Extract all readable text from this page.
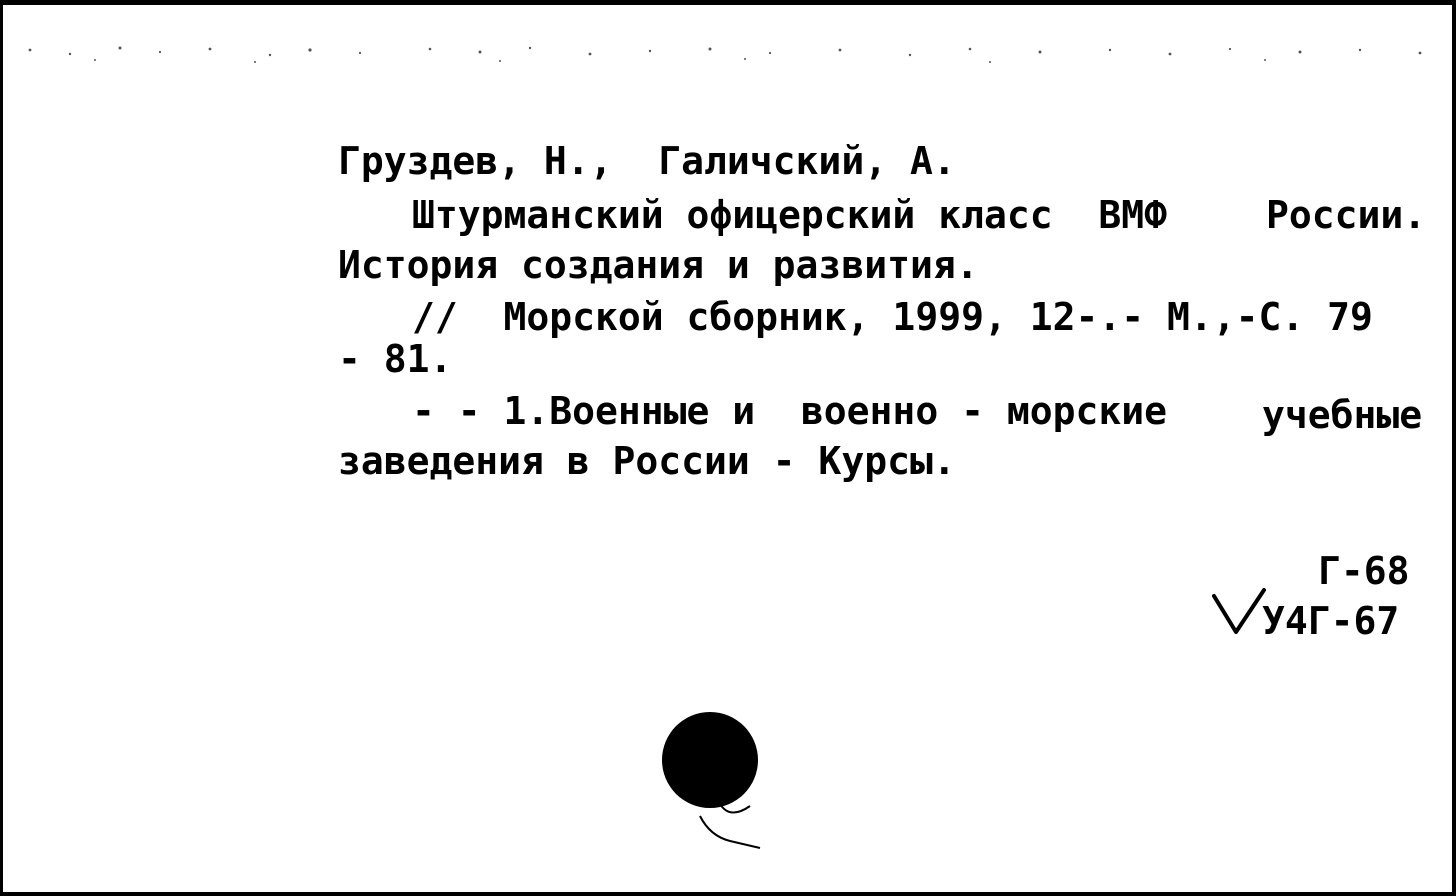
Груздев, Н.,  Галичский, А.
Штурманский офицерский класс  ВМФ	России.
История создания и развития.
//  Морской сборник, 1999, 12-.- М.,-С. 79
- 81.
- - 1.Военные и  военно - морские	учебные
заведения в России - Курсы.
Г-68
У4Г-67
